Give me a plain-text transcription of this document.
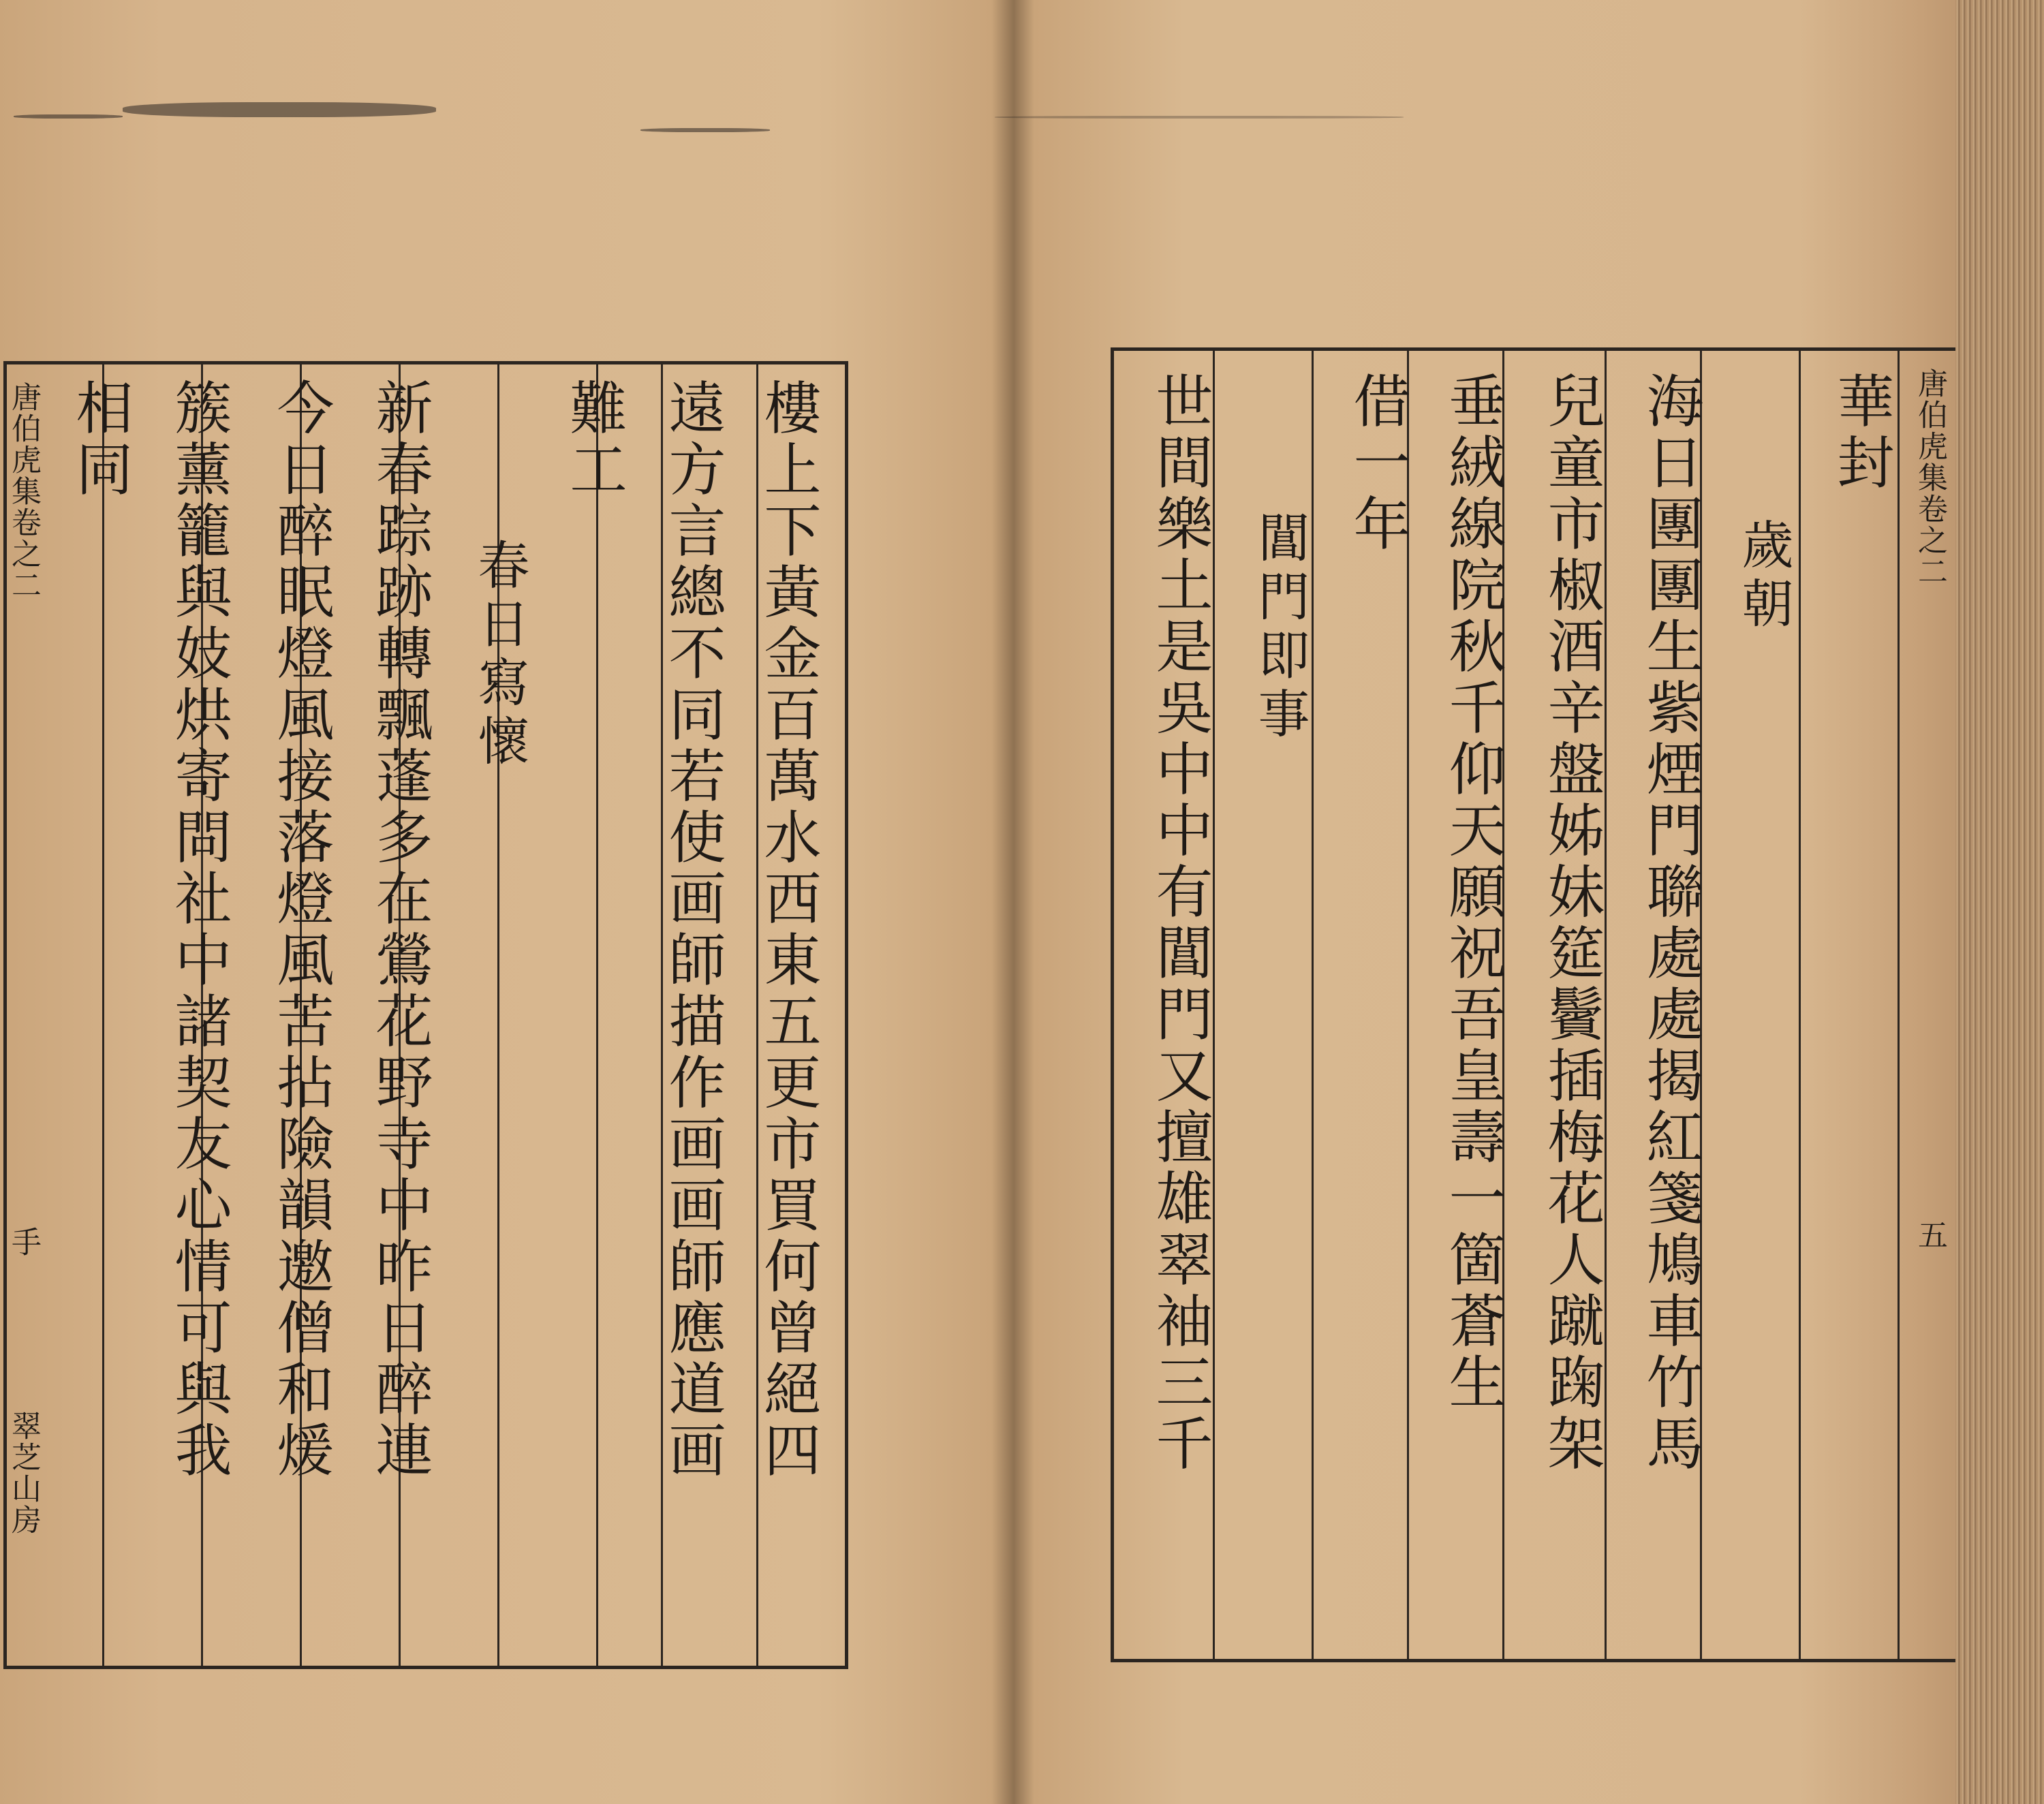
唐伯虎集卷之二
手
翠芝山房	樓上下黃金百萬水西東五更市買何曾絕四
遠方言總不同若使画師描作画画師應道画
難工
春日寫懷
新春踪跡轉飄蓬多在鶯花野寺中昨日醉連
今日醉眠燈風接落燈風苦拈險韻邀僧和煖
簇薰籠與妓烘寄問社中諸契友心情可與我
相同	華封
歲朝
海日團團生紫煙門聯處處揭紅箋鳩車竹馬
兒童市椒酒辛盤姊妹筵鬢插梅花人蹴踘架
垂絨線院秋千仰天願祝吾皇壽一箇蒼生
借一年
閶門即事
世間樂土是吳中中有閶門又擅雄翠袖三千	唐伯虎集卷之二
五
